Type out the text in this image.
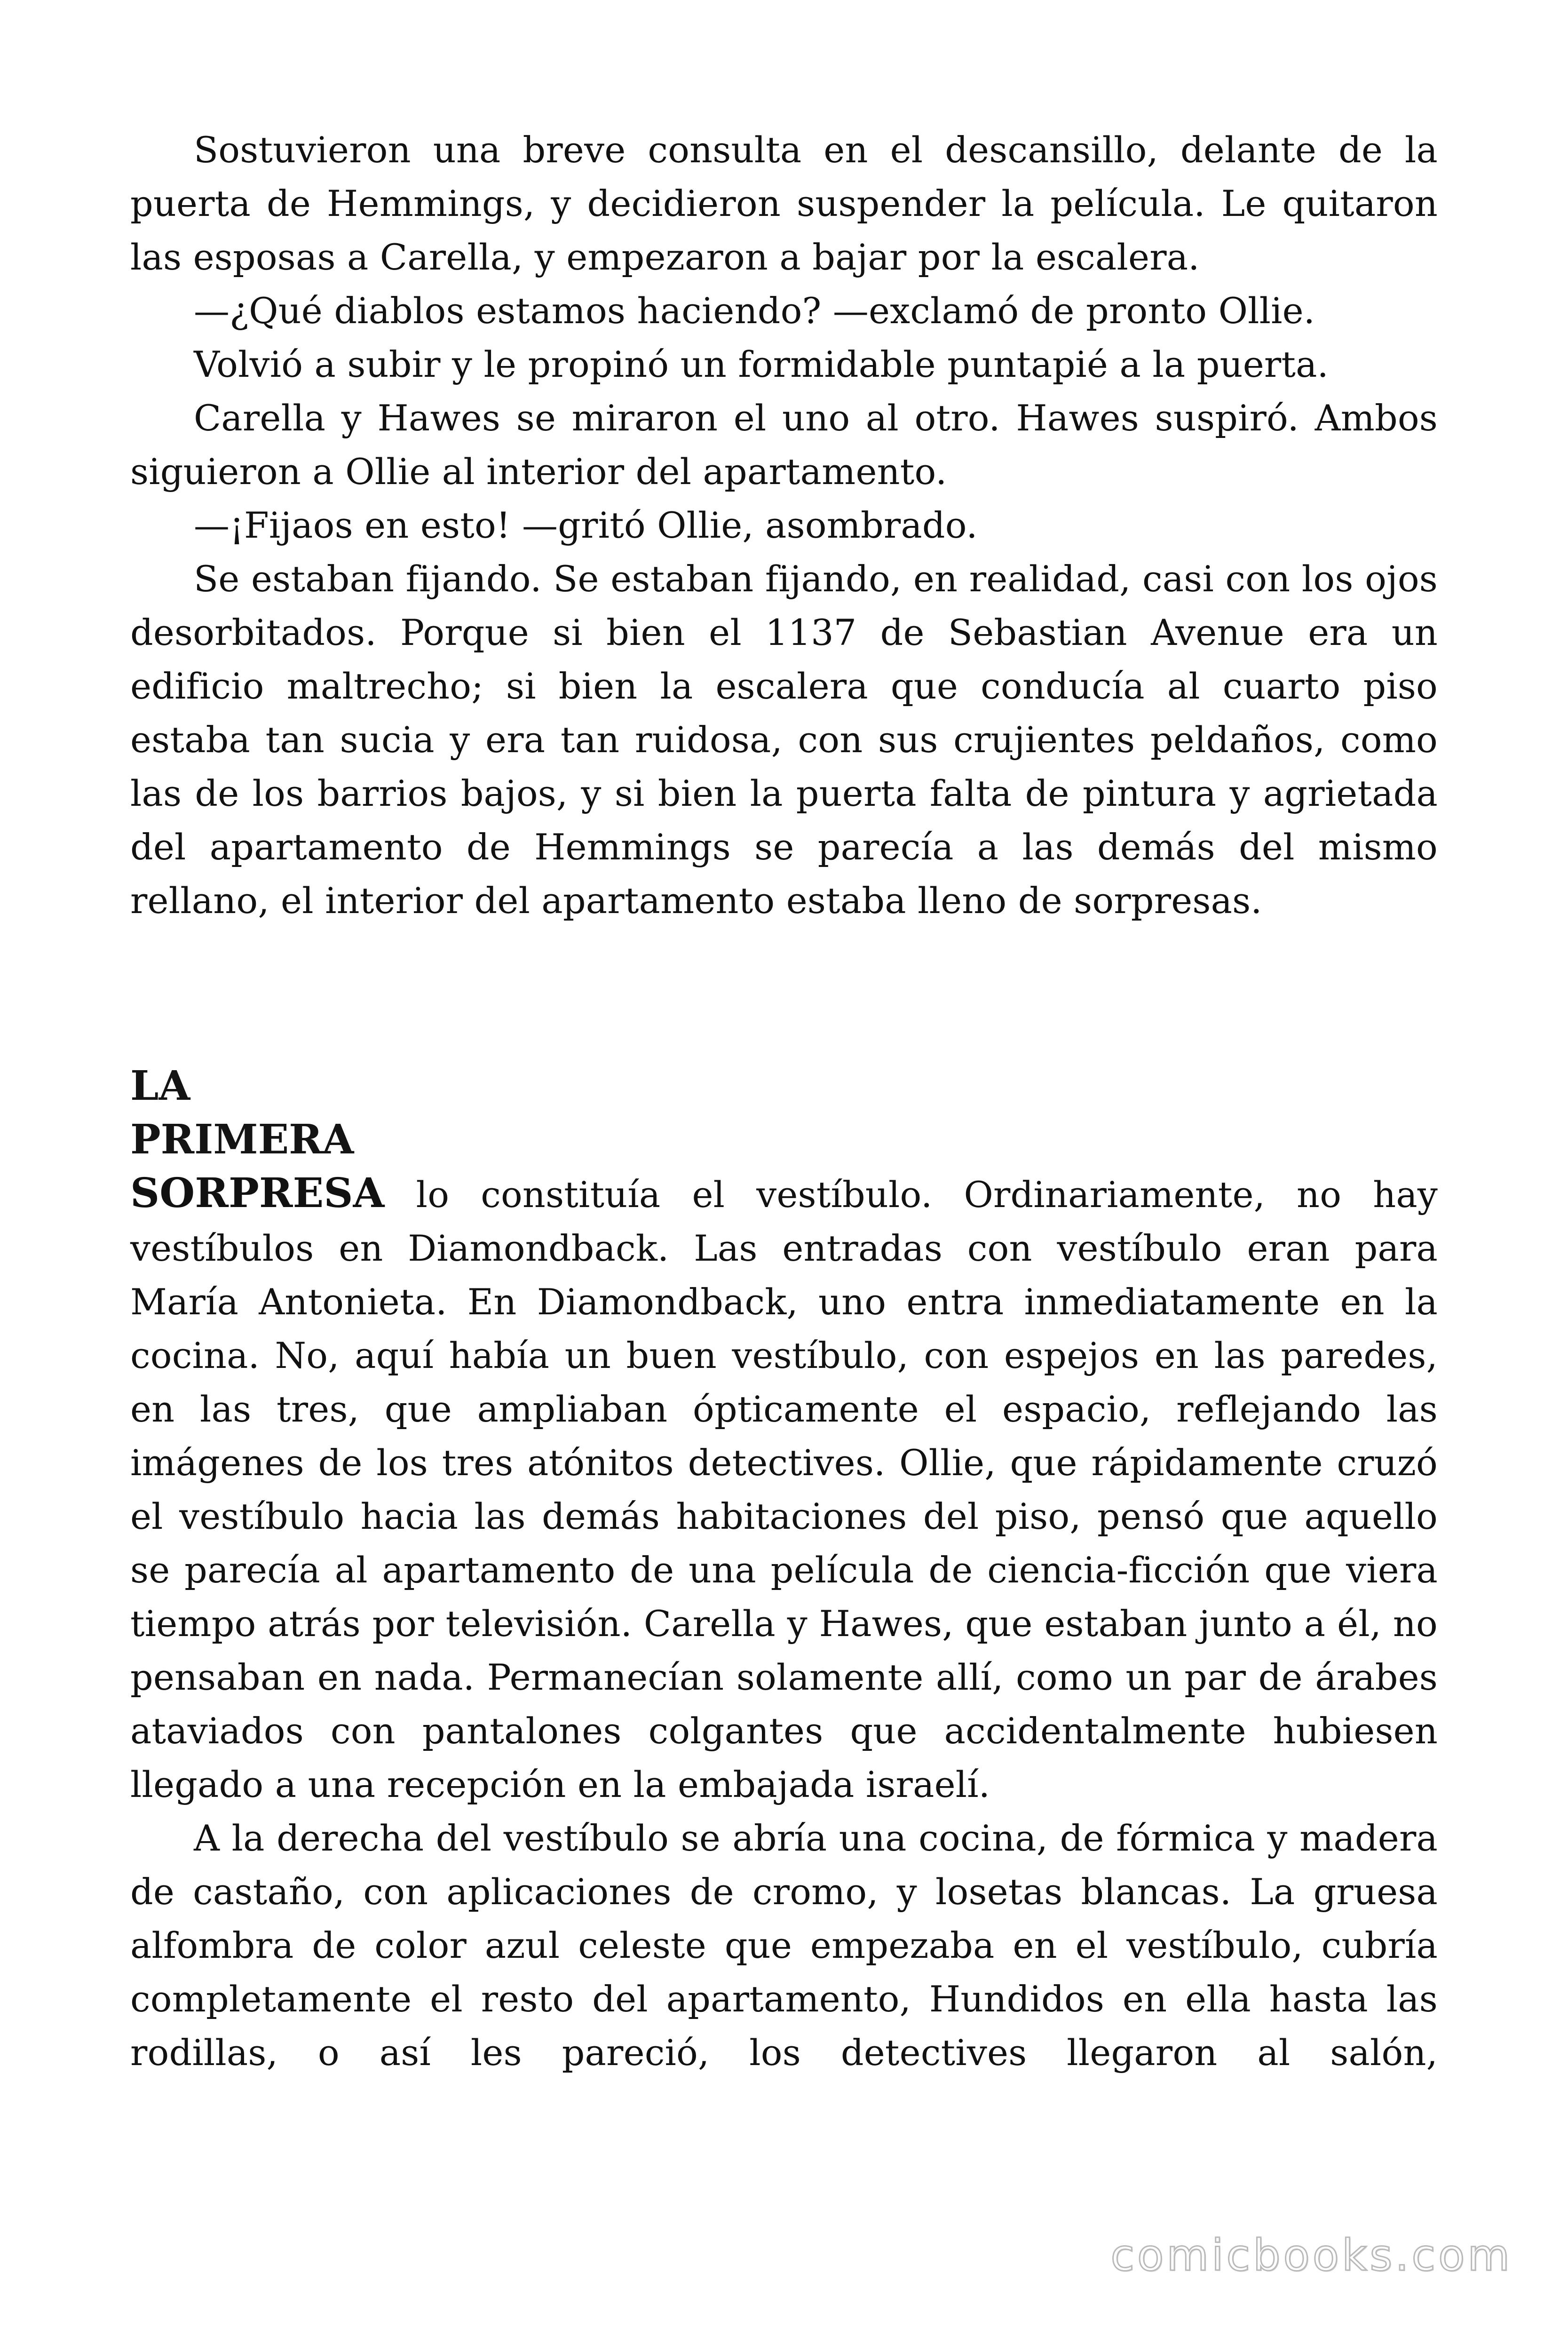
Sostuvieron una breve consulta en el descansillo, delante de la puerta de Hemmings, y decidieron suspender la película. Le quitaron las esposas a Carella, y empezaron a bajar por la escalera.

—¿Qué diablos estamos haciendo? —exclamó de pronto Ollie.

Volvió a subir y le propinó un formidable puntapié a la puerta.

Carella y Hawes se miraron el uno al otro. Hawes suspiró. Ambos siguieron a Ollie al interior del apartamento.

—¡Fijaos en esto! —gritó Ollie, asombrado.

Se estaban fijando. Se estaban fijando, en realidad, casi con los ojos desorbitados. Porque si bien el 1137 de Sebastian Avenue era un edificio maltrecho; si bien la escalera que conducía al cuarto piso estaba tan sucia y era tan ruidosa, con sus crujientes peldaños, como las de los barrios bajos, y si bien la puerta falta de pintura y agrietada del apartamento de Hemmings se parecía a las demás del mismo rellano, el interior del apartamento estaba lleno de sorpresas.

LA
PRIMERA

SORPRESA lo constituía el vestíbulo. Ordinariamente, no hay vestíbulos en Diamondback. Las entradas con vestíbulo eran para María Antonieta. En Diamondback, uno entra inmediatamente en la cocina. No, aquí había un buen vestíbulo, con espejos en las paredes, en las tres, que ampliaban ópticamente el espacio, reflejando las imágenes de los tres atónitos detectives. Ollie, que rápidamente cruzó el vestíbulo hacia las demás habitaciones del piso, pensó que aquello se parecía al apartamento de una película de ciencia-ficción que viera tiempo atrás por televisión. Carella y Hawes, que estaban junto a él, no pensaban en nada. Permanecían solamente allí, como un par de árabes ataviados con pantalones colgantes que accidentalmente hubiesen llegado a una recepción en la embajada israelí.

A la derecha del vestíbulo se abría una cocina, de fórmica y madera de castaño, con aplicaciones de cromo, y losetas blancas. La gruesa alfombra de color azul celeste que empezaba en el vestíbulo, cubría completamente el resto del apartamento, Hundidos en ella hasta las rodillas, o así les pareció, los detectives llegaron al salón,

comicbooks.com
